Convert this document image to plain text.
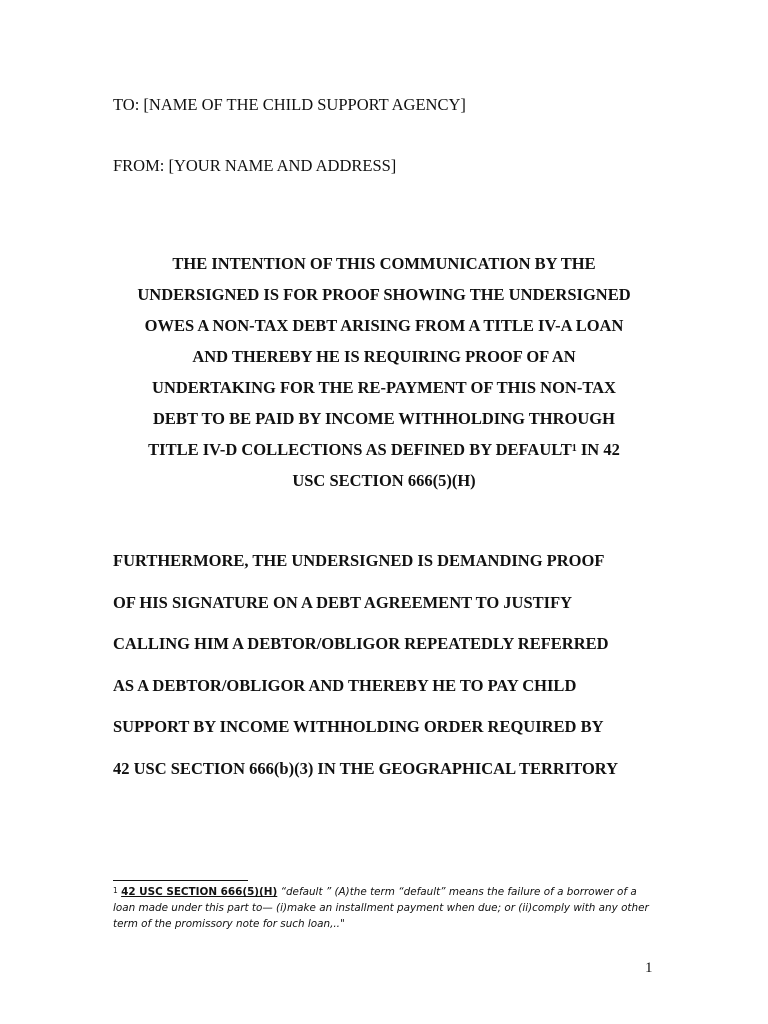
TO: [NAME OF THE CHILD SUPPORT AGENCY]

FROM: [YOUR NAME AND ADDRESS]

THE INTENTION OF THIS COMMUNICATION BY THE
UNDERSIGNED IS FOR PROOF SHOWING THE UNDERSIGNED
OWES A NON-TAX DEBT ARISING FROM A TITLE IV-A LOAN
AND THEREBY HE IS REQUIRING PROOF OF AN
UNDERTAKING FOR THE RE-PAYMENT OF THIS NON-TAX
DEBT TO BE PAID BY INCOME WITHHOLDING THROUGH
TITLE IV-D COLLECTIONS AS DEFINED BY DEFAULT$^1$ IN 42
USC SECTION 666(5)(H)
FURTHERMORE, THE UNDERSIGNED IS DEMANDING PROOF
OF HIS SIGNATURE ON A DEBT AGREEMENT TO JUSTIFY
CALLING HIM A DEBTOR/OBLIGOR REPEATEDLY REFERRED
AS A DEBTOR/OBLIGOR AND THEREBY HE TO PAY CHILD
SUPPORT BY INCOME WITHHOLDING ORDER REQUIRED BY
42 USC SECTION 666(b)(3) IN THE GEOGRAPHICAL TERRITORY
$^1$ 42 USC SECTION 666(5)(H) “default ” (A)the term “default” means the failure of a borrower of a
loan made under this part to— (i)make an installment payment when due; or (ii)comply with any other
term of the promissory note for such loan,.."

1
